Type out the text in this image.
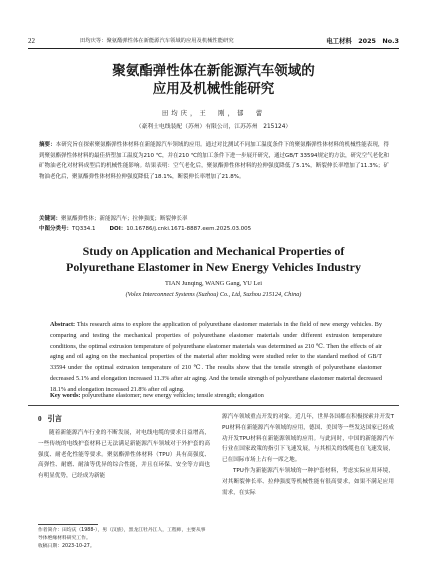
22	田均庆等：聚氨酯弹性体在新能源汽车领域的应用及机械性能研究	电工材料　2025　No.3
聚氨酯弹性体在新能源汽车领域的
应用及机械性能研究
田均庆，王　刚，郁　蕾
（豪利士电线装配（苏州）有限公司，江苏苏州　215124）

摘要：本研究旨在探索聚氨酯弹性体材料在新能源汽车领域的应用。通过对比测试不同加工温度条件下的聚氨酯弹性体材料的机械性能表现，得到聚氨酯弹性体材料的最佳挤塑加工温度为210 ℃，并在210 ℃的加工条件下进一步展开研究，通过GB/T 33594规定的方法，研究空气老化和矿物油老化对材料成型后的机械性能影响。结果表明：空气老化后，聚氨酯弹性体材料的拉伸强度降低了5.1%，断裂伸长率增加了11.3%；矿物油老化后，聚氨酯弹性体材料拉伸强度降低了18.1%，断裂伸长率增加了21.8%。

关键词：聚氨酯弹性体；新能源汽车；拉伸强度；断裂伸长率

中图分类号：TQ334.1	DOI：10.16786/j.cnki.1671-8887.eem.2025.03.005

Study on Application and Mechanical Properties of
Polyurethane Elastomer in New Energy Vehicles Industry
TIAN Junqing, WANG Gang, YU Lei
(Volex Interconnect Systems (Suzhou) Co., Ltd, Suzhou 215124, China)

Abstract: This research aims to explore the application of polyurethane elastomer materials in the field of new energy vehicles. By comparing and testing the mechanical properties of polyurethane elastomer materials under different extrusion temperature conditions, the optimal extrusion temperature of polyurethane elastomer materials was determined as 210 ℃. Then the effects of air aging and oil aging on the mechanical properties of the material after molding were studied refer to the standard method of GB/T 33594 under the optimal extrusion temperature of 210 ℃. The results show that the tensile strength of polyurethane elastomer decreased 5.1% and elongation increased 11.3% after air aging. And the tensile strength of polyurethane elastomer material decreased 18.1% and elongation increased 21.8% after oil aging.

Key words: polyurethane elastomer; new energy vehicles; tensile strength; elongation

0 引言

随着新能源汽车行业的不断发展，对电线电缆的要求日益增高，一些传统的电线护套材料已无法满足新能源汽车领域对于外护套的高强度、耐老化性能等要求。聚氨酯弹性体材料（TPU）具有高强度、高弹性、耐磨、耐油等优异的综合性能，并且在环保、安全等方面也有明显优势，已经成为新能

源汽车领域重点开发的对象。近几年，世界各国都在积极探索并开发TPU材料在新能源汽车领域的应用，德国、美国等一些发达国家已经成功开发TPU材料在新能源领域的应用。与此同时，中国的新能源汽车行业在国家政策的指引下飞速发展，与其相关的线缆也在飞速发展，已在国际市场上占有一席之地。

TPU作为新能源汽车领域的一种护套材料，考虑实际应用环境，对其断裂伸长率、拉伸强度等机械性能有很高要求，如果不满足应用需求，在实际

作者简介：田均庆（1988-），男（汉族），黑龙江牡丹江人，工程师，主要从事导体绝缘材料研究工作。

收稿日期：2023-10-27。
